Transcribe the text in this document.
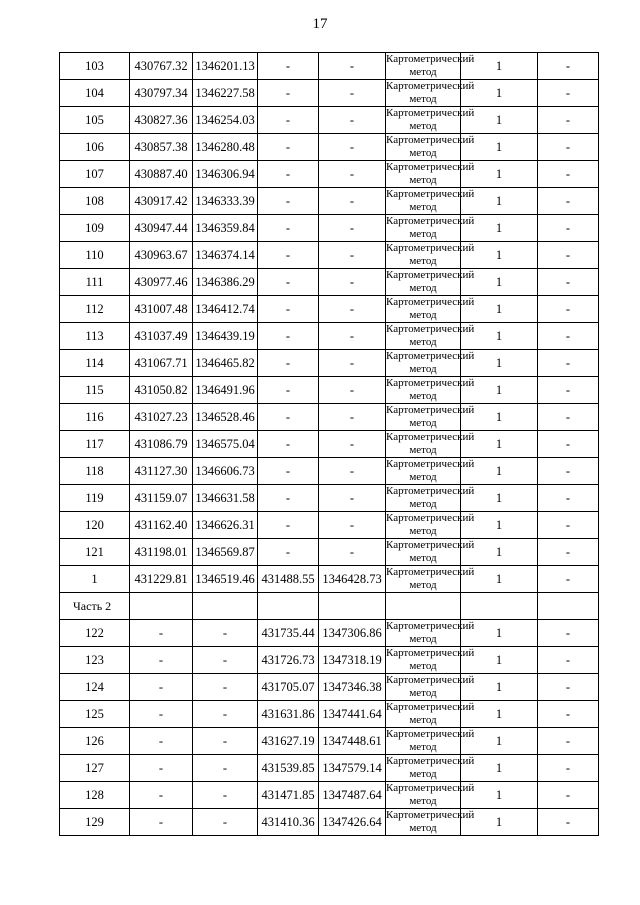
17
103	430767.32	1346201.13	-	-	Картометрический метод	1	-
104	430797.34	1346227.58	-	-	Картометрический метод	1	-
105	430827.36	1346254.03	-	-	Картометрический метод	1	-
106	430857.38	1346280.48	-	-	Картометрический метод	1	-
107	430887.40	1346306.94	-	-	Картометрический метод	1	-
108	430917.42	1346333.39	-	-	Картометрический метод	1	-
109	430947.44	1346359.84	-	-	Картометрический метод	1	-
110	430963.67	1346374.14	-	-	Картометрический метод	1	-
111	430977.46	1346386.29	-	-	Картометрический метод	1	-
112	431007.48	1346412.74	-	-	Картометрический метод	1	-
113	431037.49	1346439.19	-	-	Картометрический метод	1	-
114	431067.71	1346465.82	-	-	Картометрический метод	1	-
115	431050.82	1346491.96	-	-	Картометрический метод	1	-
116	431027.23	1346528.46	-	-	Картометрический метод	1	-
117	431086.79	1346575.04	-	-	Картометрический метод	1	-
118	431127.30	1346606.73	-	-	Картометрический метод	1	-
119	431159.07	1346631.58	-	-	Картометрический метод	1	-
120	431162.40	1346626.31	-	-	Картометрический метод	1	-
121	431198.01	1346569.87	-	-	Картометрический метод	1	-
1	431229.81	1346519.46	431488.55	1346428.73	Картометрический метод	1	-
Часть 2							
122	-	-	431735.44	1347306.86	Картометрический метод	1	-
123	-	-	431726.73	1347318.19	Картометрический метод	1	-
124	-	-	431705.07	1347346.38	Картометрический метод	1	-
125	-	-	431631.86	1347441.64	Картометрический метод	1	-
126	-	-	431627.19	1347448.61	Картометрический метод	1	-
127	-	-	431539.85	1347579.14	Картометрический метод	1	-
128	-	-	431471.85	1347487.64	Картометрический метод	1	-
129	-	-	431410.36	1347426.64	Картометрический метод	1	-
